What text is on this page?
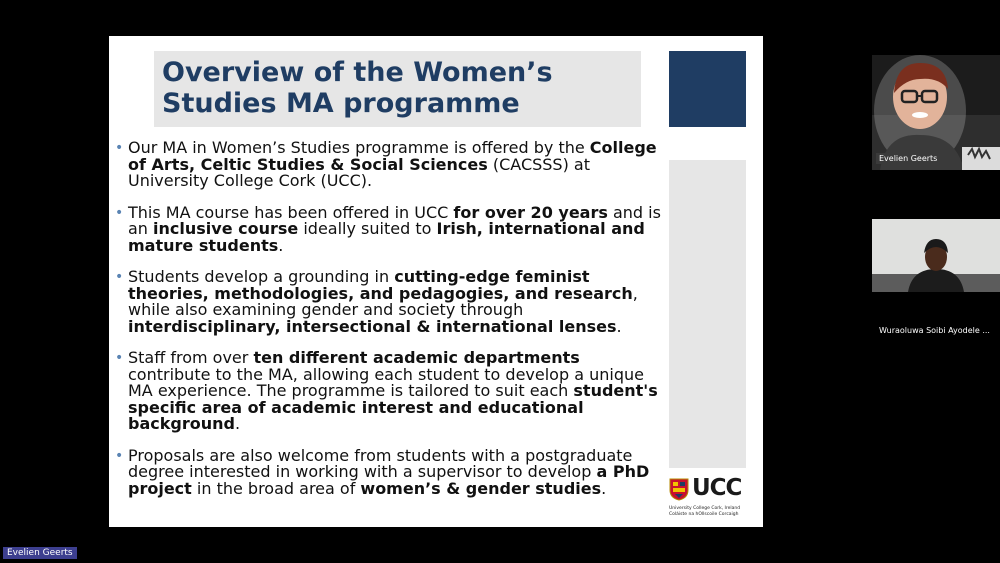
Overview of the Women’s
Studies MA programme
• Our MA in Women’s Studies programme is offered by the College of Arts, Celtic Studies & Social Sciences (CACSSS) at University College Cork (UCC).
• This MA course has been offered in UCC for over 20 years and is an inclusive course ideally suited to Irish, international and mature students.
• Students develop a grounding in cutting-edge feminist theories, methodologies, and pedagogies, and research, while also examining gender and society through interdisciplinary, intersectional & international lenses.
• Staff from over ten different academic departments contribute to the MA, allowing each student to develop a unique MA experience. The programme is tailored to suit each student's specific area of academic interest and educational background.
• Proposals are also welcome from students with a postgraduate degree interested in working with a supervisor to develop a PhD project in the broad area of women’s & gender studies.	UCC
University College Cork, Ireland
Coláiste na hOllscoile Corcaigh
Evelien Geerts
Wuraoluwa Soibi Ayodele ...
Evelien Geerts
